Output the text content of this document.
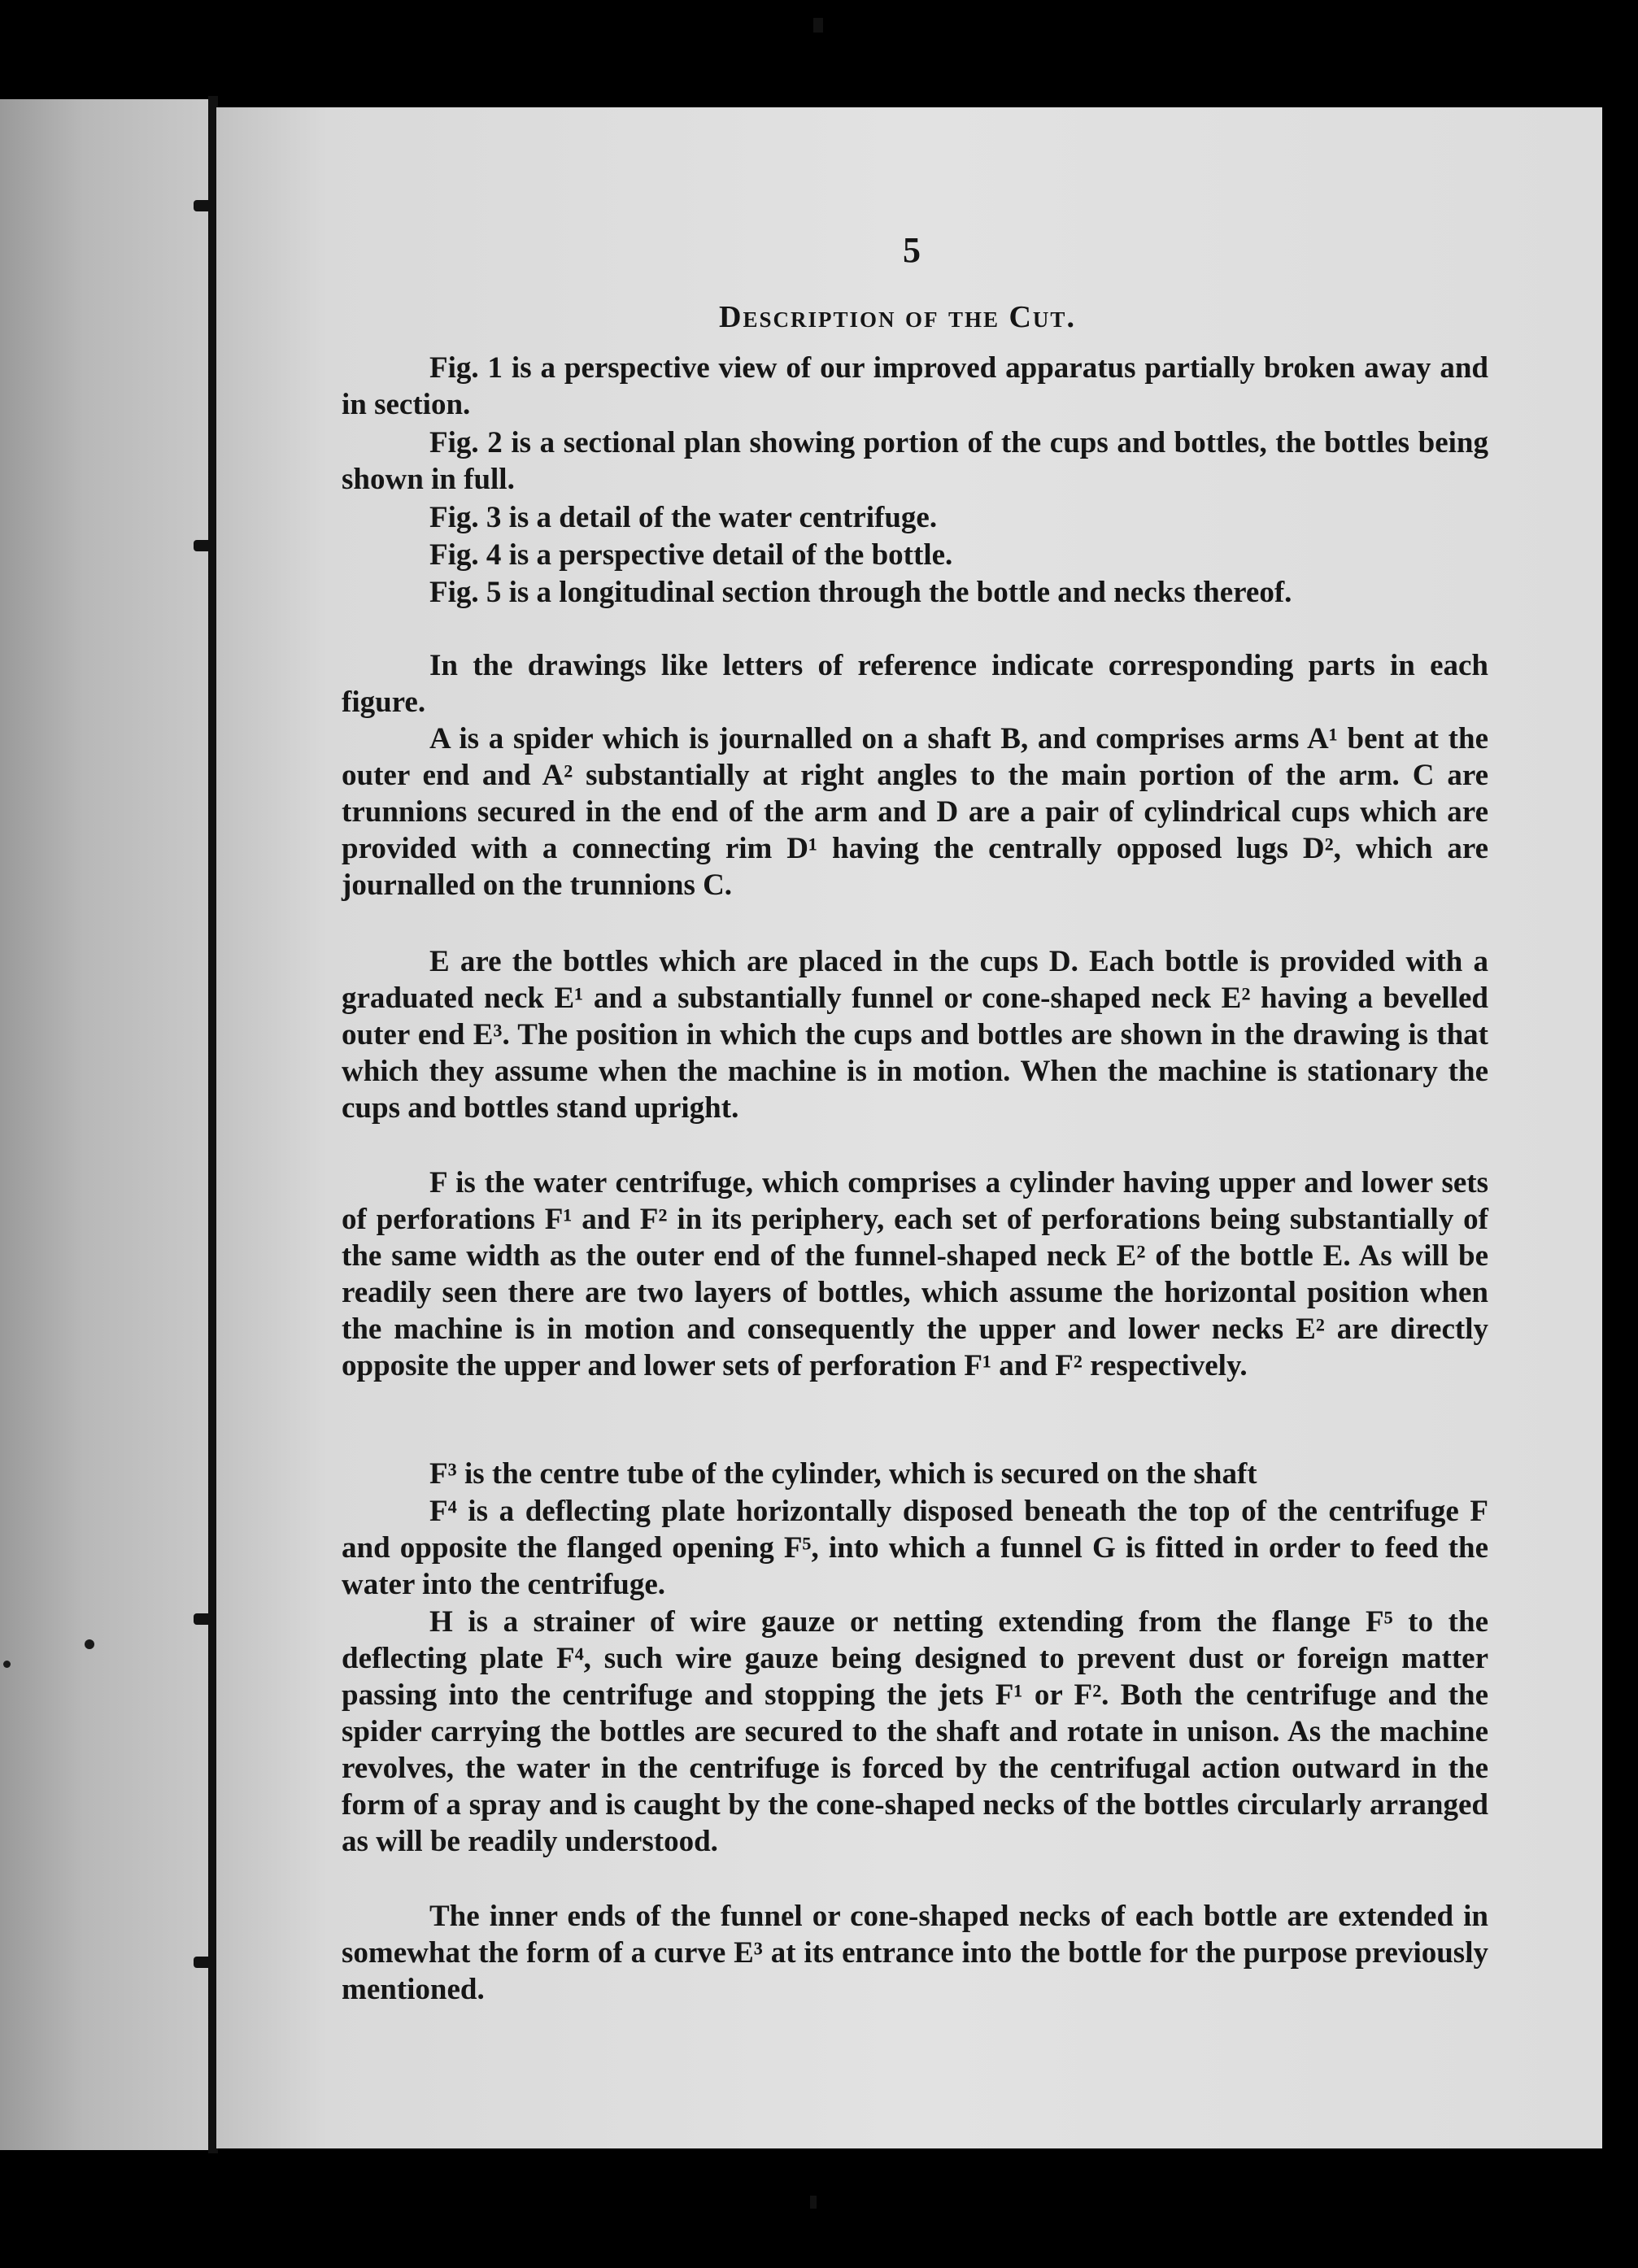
5
Description of the Cut.

Fig. 1 is a perspective view of our improved apparatus partially broken away and in section.

Fig. 2 is a sectional plan showing portion of the cups and bottles, the bottles being shown in full.

Fig. 3 is a detail of the water centrifuge.

Fig. 4 is a perspective detail of the bottle.

Fig. 5 is a longitudinal section through the bottle and necks thereof.

In the drawings like letters of reference indicate corresponding parts in each figure.

A is a spider which is journalled on a shaft B, and comprises arms A¹ bent at the outer end and A² substantially at right angles to the main portion of the arm. C are trunnions secured in the end of the arm and D are a pair of cylindrical cups which are provided with a connecting rim D¹ having the centrally opposed lugs D², which are journalled on the trunnions C.

E are the bottles which are placed in the cups D. Each bottle is provided with a graduated neck E¹ and a substantially funnel or cone-shaped neck E² having a bevelled outer end E³. The position in which the cups and bottles are shown in the drawing is that which they assume when the machine is in motion. When the machine is stationary the cups and bottles stand upright.

F is the water centrifuge, which comprises a cylinder having upper and lower sets of perforations F¹ and F² in its periphery, each set of perforations being substantially of the same width as the outer end of the funnel-shaped neck E² of the bottle E. As will be readily seen there are two layers of bottles, which assume the horizontal position when the machine is in motion and consequently the upper and lower necks E² are directly opposite the upper and lower sets of perforation F¹ and F² respectively.

F³ is the centre tube of the cylinder, which is secured on the shaft

F⁴ is a deflecting plate horizontally disposed beneath the top of the centrifuge F and opposite the flanged opening F⁵, into which a funnel G is fitted in order to feed the water into the centrifuge.

H is a strainer of wire gauze or netting extending from the flange F⁵ to the deflecting plate F⁴, such wire gauze being designed to prevent dust or foreign matter passing into the centrifuge and stopping the jets F¹ or F². Both the centrifuge and the spider carrying the bottles are secured to the shaft and rotate in unison. As the machine revolves, the water in the centrifuge is forced by the centrifugal action outward in the form of a spray and is caught by the cone-shaped necks of the bottles circularly arranged as will be readily understood.

The inner ends of the funnel or cone-shaped necks of each bottle are extended in somewhat the form of a curve E³ at its entrance into the bottle for the purpose previously mentioned.
